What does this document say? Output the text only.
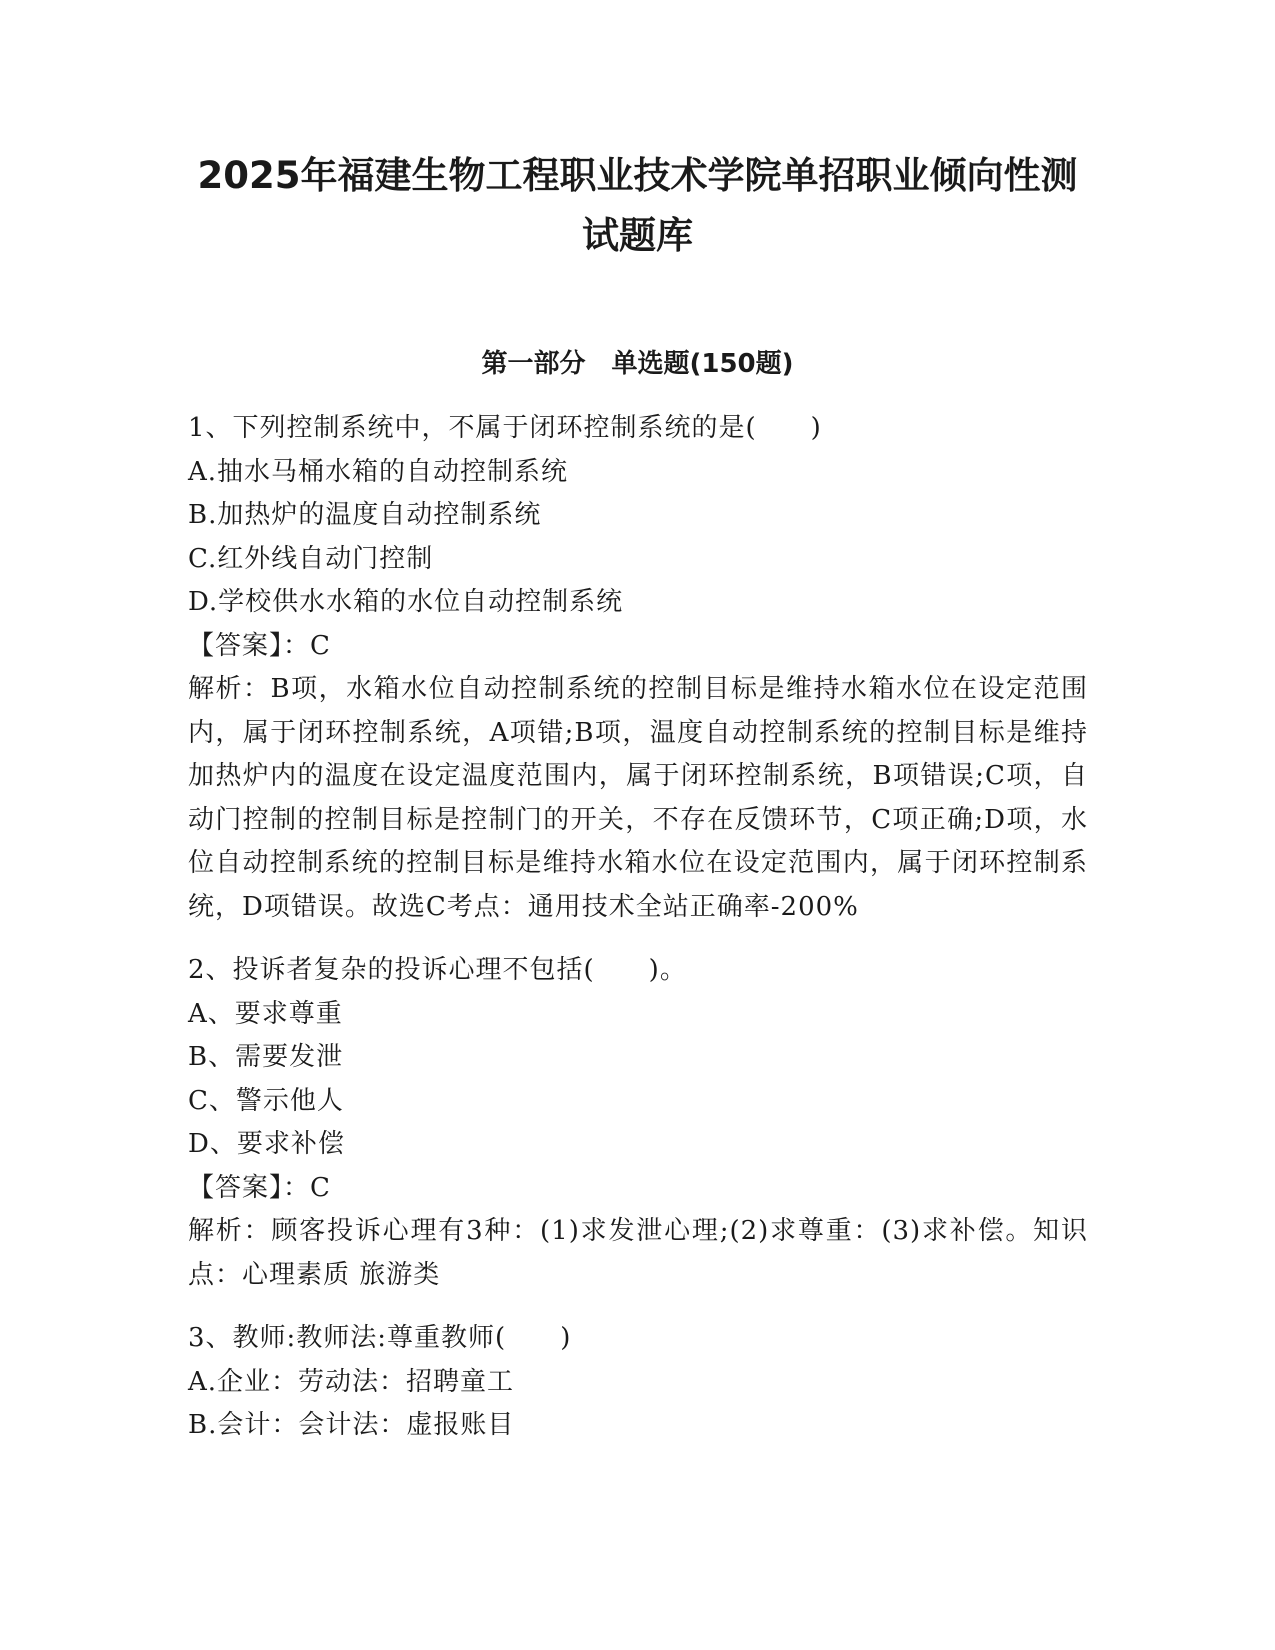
2025年福建生物工程职业技术学院单招职业倾向性测
试题库
第一部分　单选题(150题)
1、下列控制系统中，不属于闭环控制系统的是(　　)
A.抽水马桶水箱的自动控制系统
B.加热炉的温度自动控制系统
C.红外线自动门控制
D.学校供水水箱的水位自动控制系统
【答案】：C
解析：B项，水箱水位自动控制系统的控制目标是维持水箱水位在设定范围内，属于闭环控制系统，A项错;B项，温度自动控制系统的控制目标是维持加热炉内的温度在设定温度范围内，属于闭环控制系统，B项错误;C项，自动门控制的控制目标是控制门的开关，不存在反馈环节，C项正确;D项，水位自动控制系统的控制目标是维持水箱水位在设定范围内，属于闭环控制系统，D项错误。故选C考点：通用技术全站正确率-200%
2、投诉者复杂的投诉心理不包括(　　)。
A、要求尊重
B、需要发泄
C、警示他人
D、要求补偿
【答案】：C
解析：顾客投诉心理有3种：(1)求发泄心理;(2)求尊重：(3)求补偿。知识点：心理素质 旅游类
3、教师:教师法:尊重教师(　　)
A.企业：劳动法：招聘童工
B.会计：会计法：虚报账目
